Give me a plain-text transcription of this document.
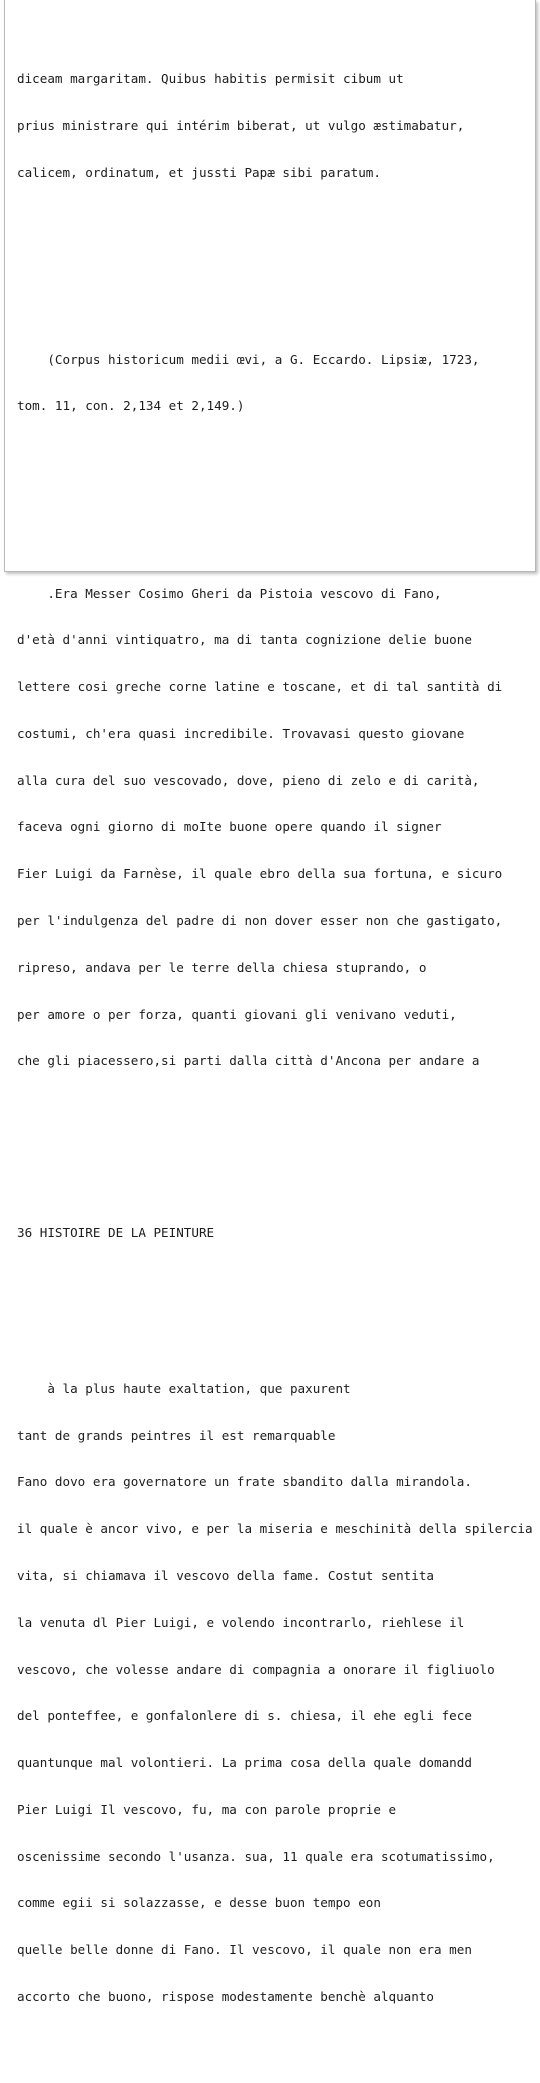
diceam margaritam. Quibus habitis permisit cibum ut

prius ministrare qui intérim biberat, ut vulgo æstimabatur,

calicem, ordinatum, et jussti Papæ sibi paratum.

(Corpus historicum medii œvi, a G. Eccardo. Lipsiæ, 1723,

tom. 11, con. 2,134 et 2,149.)

.Era Messer Cosimo Gheri da Pistoia vescovo di Fano,

d'età d'anni vintiquatro, ma di tanta cognizione delie buone

lettere cosi greche corne latine e toscane, et di tal santità di

costumi, ch'era quasi incredibile. Trovavasi questo giovane

alla cura del suo vescovado, dove, pieno di zelo e di carità,

faceva ogni giorno di moIte buone opere quando il signer

Fier Luigi da Farnèse, il quale ebro della sua fortuna, e sicuro

per l'indulgenza del padre di non dover esser non che gastigato,

ripreso, andava per le terre della chiesa stuprando, o

per amore o per forza, quanti giovani gli venivano veduti,

che gli piacessero,si parti dalla città d'Ancona per andare a

36 HISTOIRE DE LA PEINTURE

à la plus haute exaltation, que paxurent

tant de grands peintres il est remarquable

Fano dovo era governatore un frate sbandito dalla mirandola.

il quale è ancor vivo, e per la miseria e meschinità della spilercia

vita, si chiamava il vescovo della fame. Costut sentita

la venuta dl Pier Luigi, e volendo incontrarlo, riehlese il

vescovo, che volesse andare di compagnia a onorare il figliuolo

del ponteffee, e gonfalonlere di s. chiesa, il ehe egli fece

quantunque mal volontieri. La prima cosa della quale domandd

Pier Luigi Il vescovo, fu, ma con parole proprie e

oscenissime secondo l'usanza. sua, 11 quale era scotumatissimo,

comme egii si solazzasse, e desse buon tempo eon

quelle belle donne di Fano. Il vescovo, il quale non era men

accorto che buono, rispose modestamente benchè alquanto
